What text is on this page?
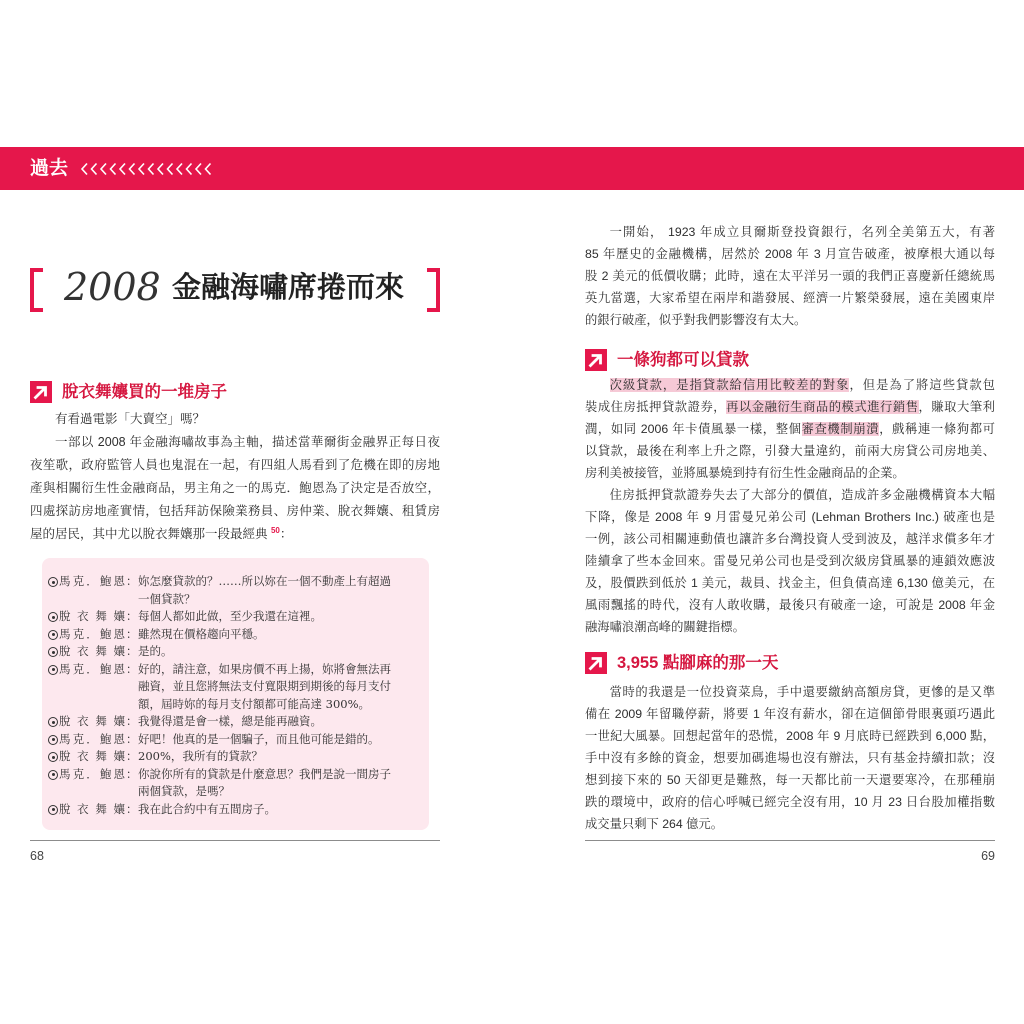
過去
2008 金融海嘯席捲而來
脫衣舞孃買的一堆房子
有看過電影「大賣空」嗎？
一部以 2008 年金融海嘯故事為主軸，描述當華爾街金融界正每日夜
夜笙歌，政府監管人員也鬼混在一起，有四組人馬看到了危機在即的房地
產與相關衍生性金融商品，男主角之一的馬克．鮑恩為了決定是否放空，
四處探訪房地產實情，包括拜訪保險業務員、房仲業、脫衣舞孃、租賃房
屋的居民，其中尤以脫衣舞孃那一段最經典 $^{50}$：
馬克．鮑恩 ： 妳怎麼貸款的？……所以妳在一個不動產上有超過
一個貸款？
脫衣舞孃 ： 每個人都如此做，至少我還在這裡。
馬克．鮑恩 ： 雖然現在價格趨向平穩。
脫衣舞孃 ： 是的。
馬克．鮑恩 ： 好的，請注意，如果房價不再上揚，妳將會無法再
融資，並且您將無法支付寬限期到期後的每月支付
額，屆時妳的每月支付額都可能高達 300%。
脫衣舞孃 ： 我覺得還是會一樣，總是能再融資。
馬克．鮑恩 ： 好吧！他真的是一個騙子，而且他可能是錯的。
脫衣舞孃 ： 200%，我所有的貸款？
馬克．鮑恩 ： 你說你所有的貸款是什麼意思？我們是說一間房子
兩個貸款，是嗎？
脫衣舞孃 ： 我在此合約中有五間房子。
68
一開始， 1923 年成立貝爾斯登投資銀行，名列全美第五大，有著
85 年歷史的金融機構，居然於 2008 年 3 月宣告破產，被摩根大通以每
股 2 美元的低價收購；此時，遠在太平洋另一頭的我們正喜慶新任總統馬
英九當選，大家希望在兩岸和諧發展、經濟一片繁榮發展，遠在美國東岸
的銀行破產，似乎對我們影響沒有太大。
一條狗都可以貸款
次級貸款，是指貸款給信用比較差的對象，但是為了將這些貸款包
裝成住房抵押貸款證券，再以金融衍生商品的模式進行銷售，賺取大筆利
潤，如同 2006 年卡債風暴一樣，整個審查機制崩潰，戲稱連一條狗都可
以貸款，最後在利率上升之際，引發大量違約，前兩大房貸公司房地美、
房利美被接管，並將風暴燒到持有衍生性金融商品的企業。
住房抵押貸款證券失去了大部分的價值，造成許多金融機構資本大幅
下降，像是 2008 年 9 月雷曼兄弟公司 (Lehman Brothers Inc.) 破產也是
一例，該公司相關連動債也讓許多台灣投資人受到波及，越洋求償多年才
陸續拿了些本金回來。雷曼兄弟公司也是受到次級房貸風暴的連鎖效應波
及，股價跌到低於 1 美元，裁員、找金主，但負債高達 6,130 億美元，在
風雨飄搖的時代，沒有人敢收購，最後只有破產一途，可說是 2008 年金
融海嘯浪潮高峰的關鍵指標。
3,955 點腳麻的那一天
當時的我還是一位投資菜鳥，手中還要繳納高額房貸，更慘的是又準
備在 2009 年留職停薪，將要 1 年沒有薪水，卻在這個節骨眼裏頭巧遇此
一世紀大風暴。回想起當年的恐慌，2008 年 9 月底時已經跌到 6,000 點，
手中沒有多餘的資金，想要加碼進場也沒有辦法，只有基金持續扣款；沒
想到接下來的 50 天卻更是難熬，每一天都比前一天還要寒冷，在那種崩
跌的環境中，政府的信心呼喊已經完全沒有用，10 月 23 日台股加權指數
成交量只剩下 264 億元。
69
